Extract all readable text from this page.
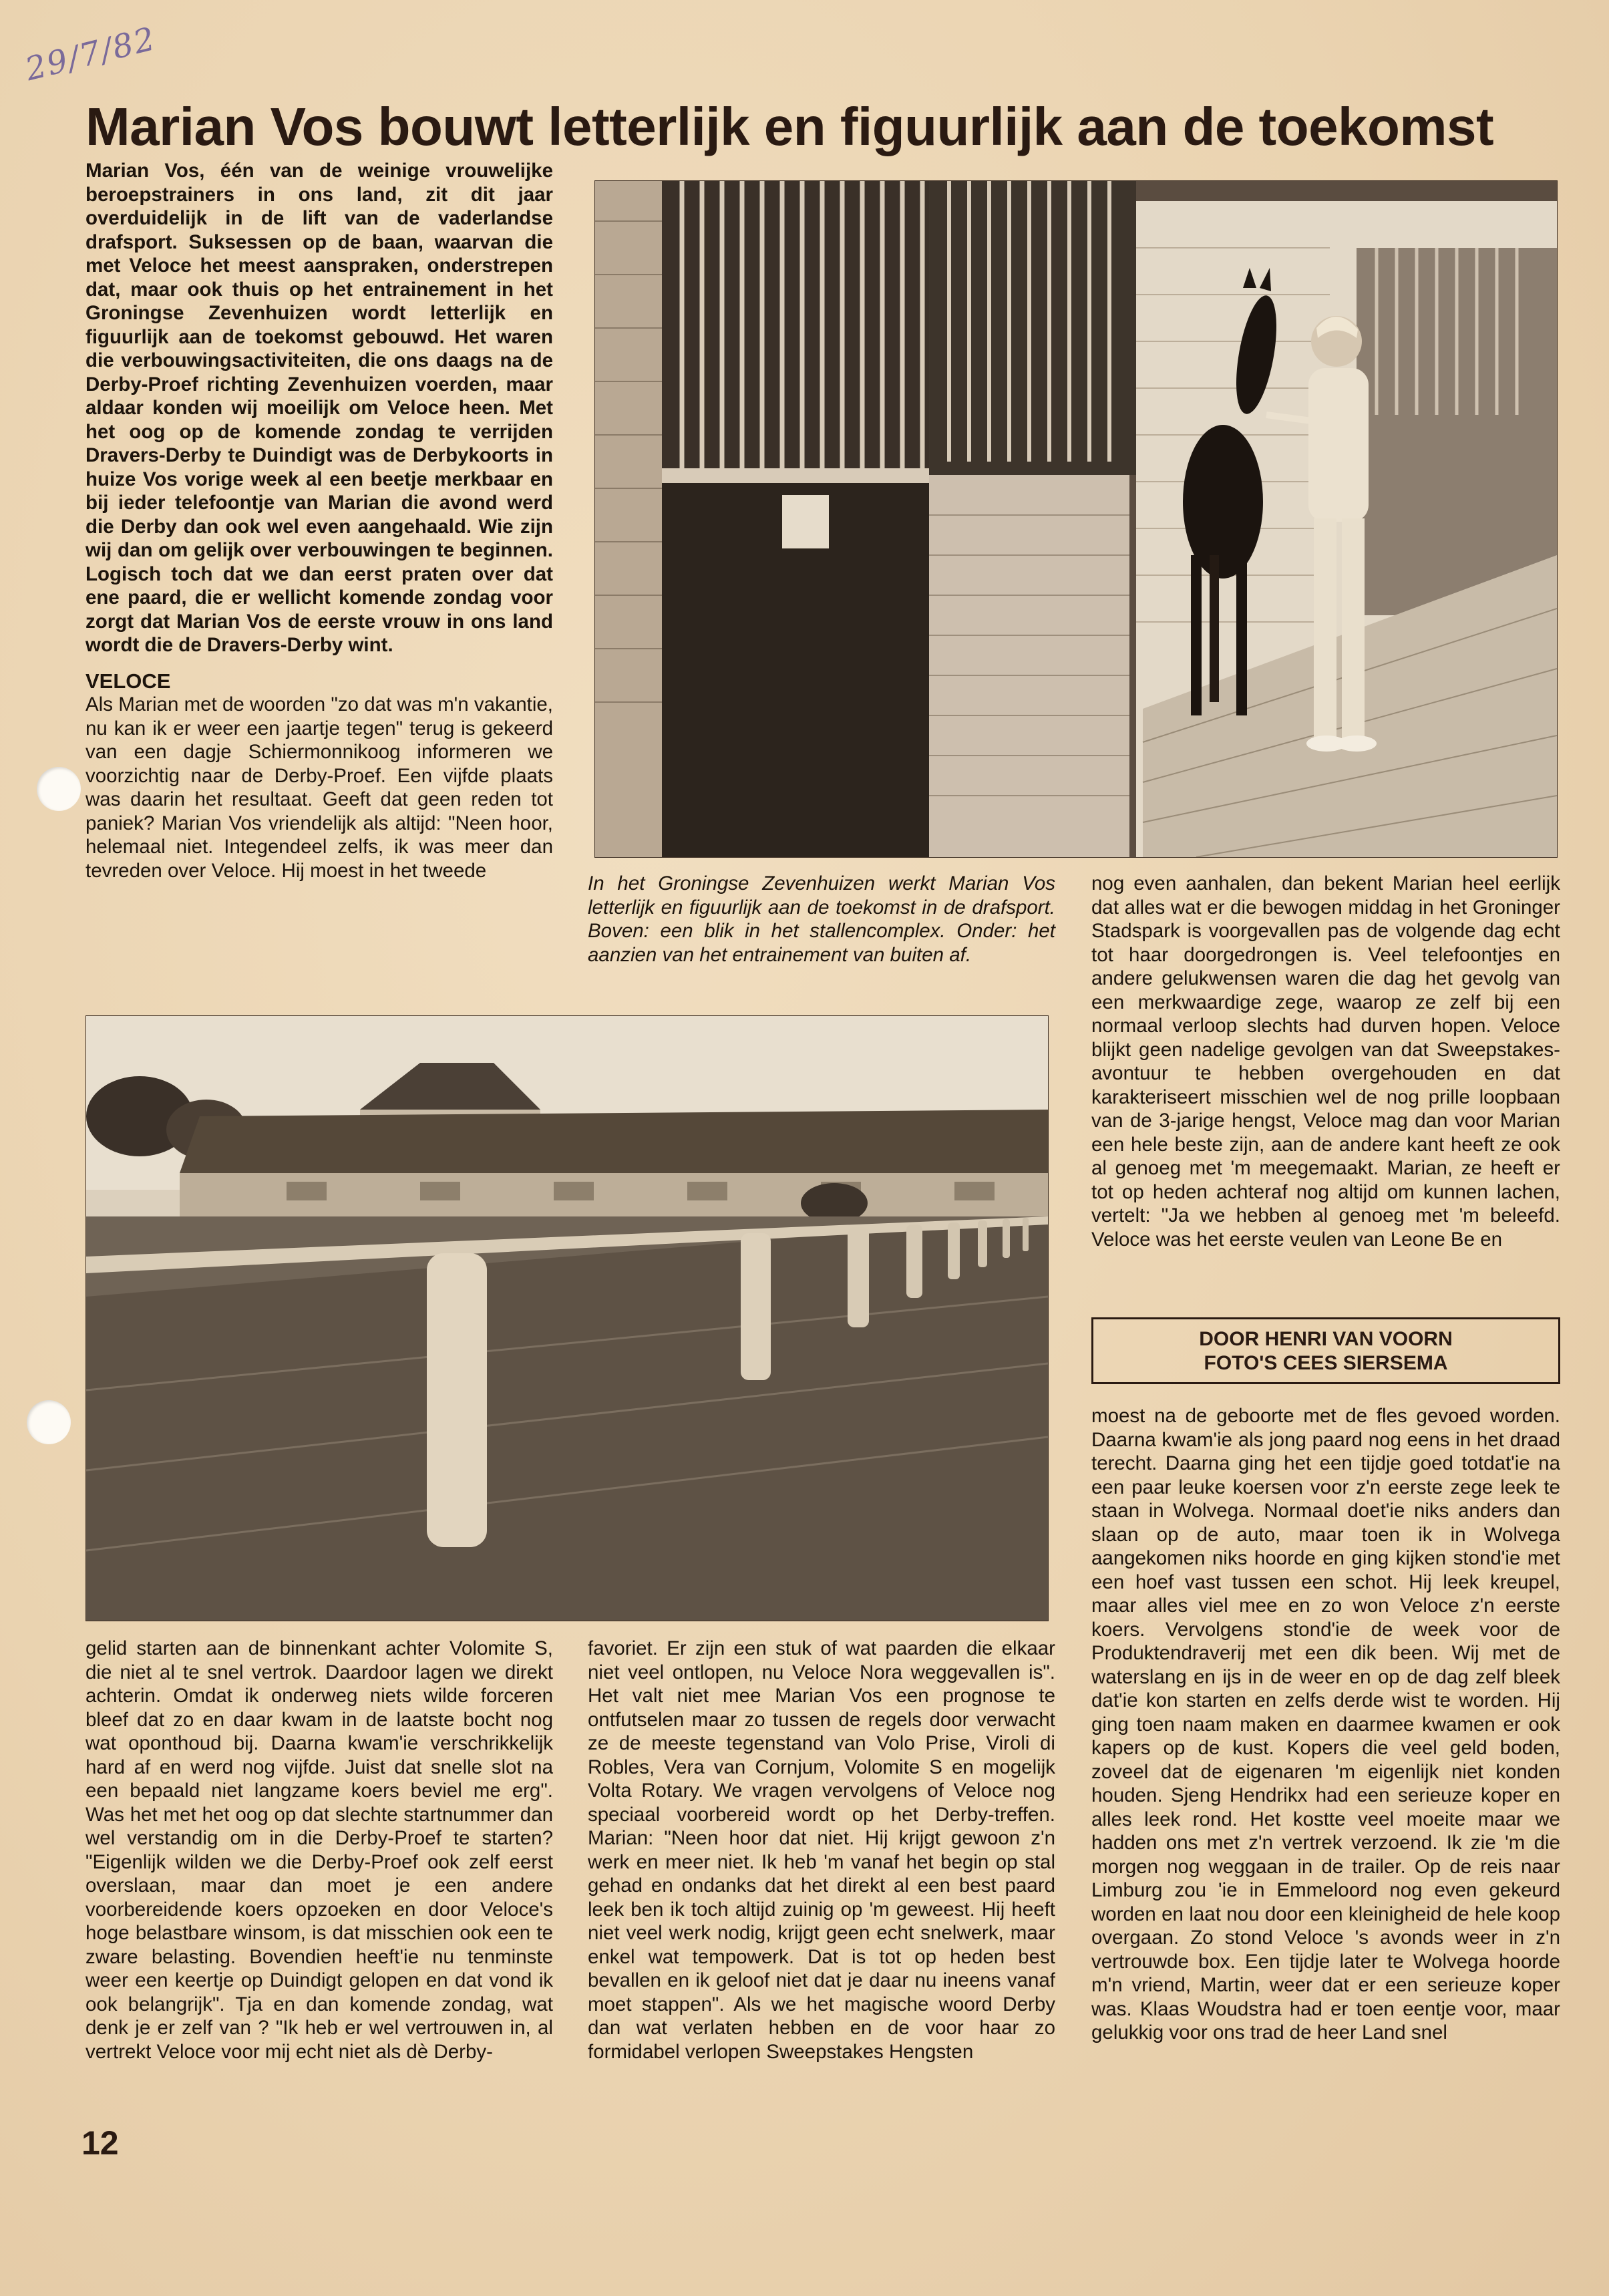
29/7/82
Marian Vos bouwt letterlijk en figuurlijk aan de toekomst

Marian Vos, één van de weinige vrouwelijke beroepstrainers in ons land, zit dit jaar overduidelijk in de lift van de vaderlandse drafsport. Suksessen op de baan, waarvan die met Veloce het meest aanspraken, onderstrepen dat, maar ook thuis op het entrainement in het Groningse Zevenhuizen wordt letterlijk en figuurlijk aan de toekomst gebouwd. Het waren die verbouwingsactiviteiten, die ons daags na de Derby-Proef richting Zevenhuizen voerden, maar aldaar konden wij moeilijk om Veloce heen. Met het oog op de komende zondag te verrijden Dravers-Derby te Duindigt was de Derbykoorts in huize Vos vorige week al een beetje merkbaar en bij ieder telefoontje van Marian die avond werd die Derby dan ook wel even aangehaald. Wie zijn wij dan om gelijk over verbouwingen te beginnen. Logisch toch dat we dan eerst praten over dat ene paard, die er wellicht komende zondag voor zorgt dat Marian Vos de eerste vrouw in ons land wordt die de Dravers-Derby wint.

VELOCE

Als Marian met de woorden "zo dat was m'n vakantie, nu kan ik er weer een jaartje tegen" terug is gekeerd van een dagje Schiermonnikoog informeren we voorzichtig naar de Derby-Proef. Een vijfde plaats was daarin het resultaat. Geeft dat geen reden tot paniek? Marian Vos vriendelijk als altijd: "Neen hoor, helemaal niet. Integendeel zelfs, ik was meer dan tevreden over Veloce. Hij moest in het tweede

In het Groningse Zevenhuizen werkt Marian Vos letterlijk en figuurlijk aan de toekomst in de drafsport. Boven: een blik in het stallencomplex. Onder: het aanzien van het entrainement van buiten af.

nog even aanhalen, dan bekent Marian heel eerlijk dat alles wat er die bewogen middag in het Groninger Stadspark is voorgevallen pas de volgende dag echt tot haar doorgedrongen is. Veel telefoontjes en andere gelukwensen waren die dag het gevolg van een merkwaardige zege, waarop ze zelf bij een normaal verloop slechts had durven hopen. Veloce blijkt geen nadelige gevolgen van dat Sweepstakes-avontuur te hebben overgehouden en dat karakteriseert misschien wel de nog prille loopbaan van de 3-jarige hengst, Veloce mag dan voor Marian een hele beste zijn, aan de andere kant heeft ze ook al genoeg met 'm meegemaakt. Marian, ze heeft er tot op heden achteraf nog altijd om kunnen lachen, vertelt: "Ja we hebben al genoeg met 'm beleefd. Veloce was het eerste veulen van Leone Be en

DOOR HENRI VAN VOORN
FOTO'S CEES SIERSEMA

moest na de geboorte met de fles gevoed worden. Daarna kwam'ie als jong paard nog eens in het draad terecht. Daarna ging het een tijdje goed totdat'ie na een paar leuke koersen voor z'n eerste zege leek te staan in Wolvega. Normaal doet'ie niks anders dan slaan op de auto, maar toen ik in Wolvega aangekomen niks hoorde en ging kijken stond'ie met een hoef vast tussen een schot. Hij leek kreupel, maar alles viel mee en zo won Veloce z'n eerste koers. Vervolgens stond'ie de week voor de Produktendraverij met een dik been. Wij met de waterslang en ijs in de weer en op de dag zelf bleek dat'ie kon starten en zelfs derde wist te worden. Hij ging toen naam maken en daarmee kwamen er ook kapers op de kust. Kopers die veel geld boden, zoveel dat de eigenaren 'm eigenlijk niet konden houden. Sjeng Hendrikx had een serieuze koper en alles leek rond. Het kostte veel moeite maar we hadden ons met z'n vertrek verzoend. Ik zie 'm die morgen nog weggaan in de trailer. Op de reis naar Limburg zou 'ie in Emmeloord nog even gekeurd worden en laat nou door een kleinigheid de hele koop overgaan. Zo stond Veloce 's avonds weer in z'n vertrouwde box. Een tijdje later te Wolvega hoorde m'n vriend, Martin, weer dat er een serieuze koper was. Klaas Woudstra had er toen eentje voor, maar gelukkig voor ons trad de heer Land snel

gelid starten aan de binnenkant achter Volomite S, die niet al te snel vertrok. Daardoor lagen we direkt achterin. Omdat ik onderweg niets wilde forceren bleef dat zo en daar kwam in de laatste bocht nog wat oponthoud bij. Daarna kwam'ie verschrikkelijk hard af en werd nog vijfde. Juist dat snelle slot na een bepaald niet langzame koers beviel me erg". Was het met het oog op dat slechte startnummer dan wel verstandig om in die Derby-Proef te starten? "Eigenlijk wilden we die Derby-Proef ook zelf eerst overslaan, maar dan moet je een andere voorbereidende koers opzoeken en door Veloce's hoge belastbare winsom, is dat misschien ook een te zware belasting. Bovendien heeft'ie nu tenminste weer een keertje op Duindigt gelopen en dat vond ik ook belangrijk". Tja en dan komende zondag, wat denk je er zelf van ? "Ik heb er wel vertrouwen in, al vertrekt Veloce voor mij echt niet als dè Derby-

favoriet. Er zijn een stuk of wat paarden die elkaar niet veel ontlopen, nu Veloce Nora weggevallen is". Het valt niet mee Marian Vos een prognose te ontfutselen maar zo tussen de regels door verwacht ze de meeste tegenstand van Volo Prise, Viroli di Robles, Vera van Cornjum, Volomite S en mogelijk Volta Rotary. We vragen vervolgens of Veloce nog speciaal voorbereid wordt op het Derby-treffen. Marian: "Neen hoor dat niet. Hij krijgt gewoon z'n werk en meer niet. Ik heb 'm vanaf het begin op stal gehad en ondanks dat het direkt al een best paard leek ben ik toch altijd zuinig op 'm geweest. Hij heeft niet veel werk nodig, krijgt geen echt snelwerk, maar enkel wat tempowerk. Dat is tot op heden best bevallen en ik geloof niet dat je daar nu ineens vanaf moet stappen". Als we het magische woord Derby dan wat verlaten hebben en de voor haar zo formidabel verlopen Sweepstakes Hengsten

12
